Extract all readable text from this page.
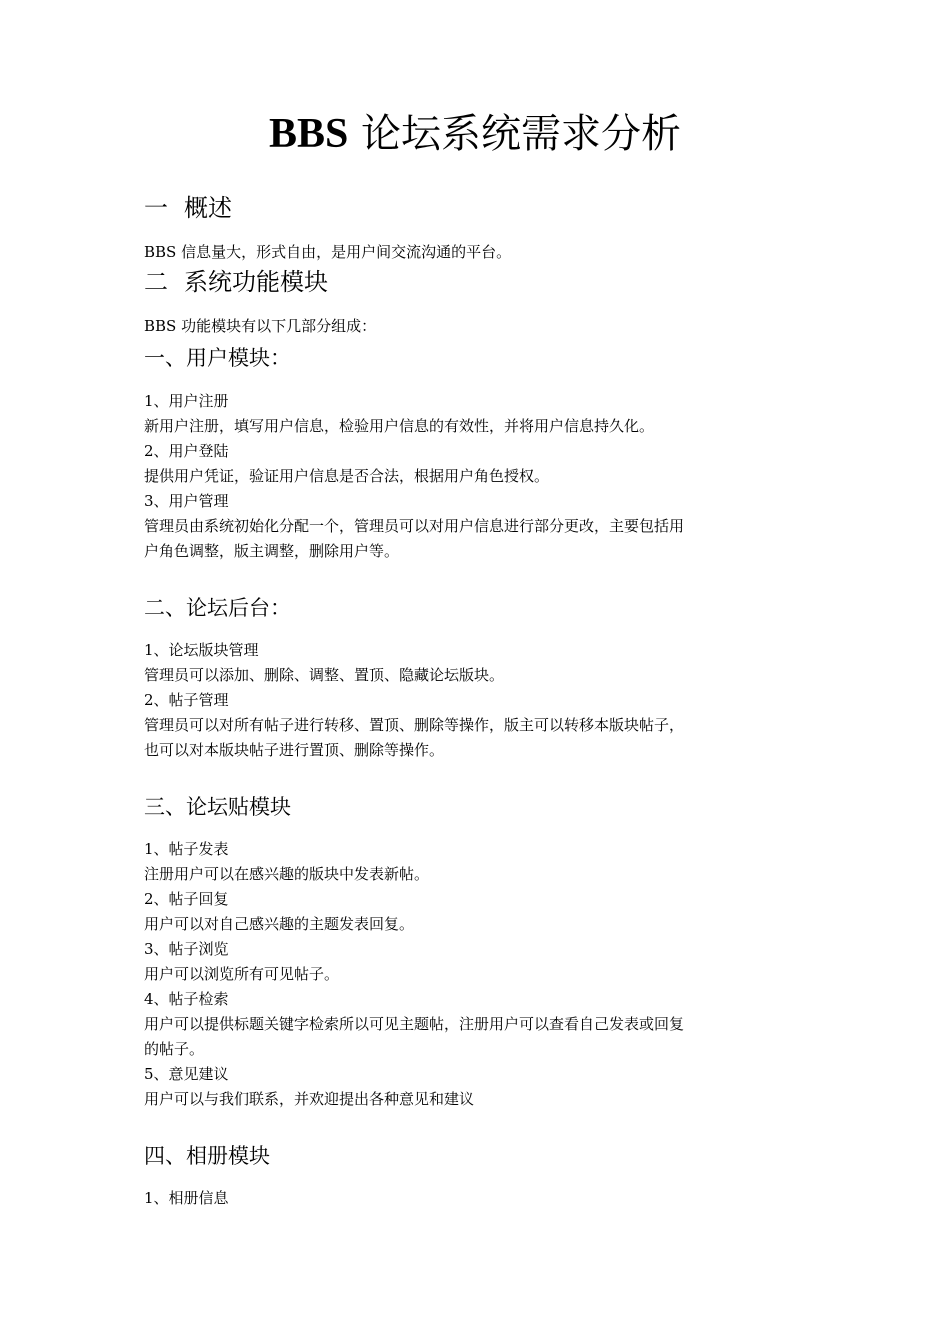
BBS 论坛系统需求分析
一 概述
BBS 信息量大，形式自由，是用户间交流沟通的平台。
二 系统功能模块
BBS 功能模块有以下几部分组成：
一、用户模块：
1、用户注册
新用户注册，填写用户信息，检验用户信息的有效性，并将用户信息持久化。
2、用户登陆
提供用户凭证，验证用户信息是否合法，根据用户角色授权。
3、用户管理
管理员由系统初始化分配一个，管理员可以对用户信息进行部分更改，主要包括用
户角色调整，版主调整，删除用户等。
二、论坛后台：
1、论坛版块管理
管理员可以添加、删除、调整、置顶、隐藏论坛版块。
2、帖子管理
管理员可以对所有帖子进行转移、置顶、删除等操作，版主可以转移本版块帖子，
也可以对本版块帖子进行置顶、删除等操作。
三、论坛贴模块
1、帖子发表
注册用户可以在感兴趣的版块中发表新帖。
2、帖子回复
用户可以对自己感兴趣的主题发表回复。
3、帖子浏览
用户可以浏览所有可见帖子。
4、帖子检索
用户可以提供标题关键字检索所以可见主题帖，注册用户可以查看自己发表或回复
的帖子。
5、意见建议
用户可以与我们联系，并欢迎提出各种意见和建议
四、相册模块
1、相册信息
